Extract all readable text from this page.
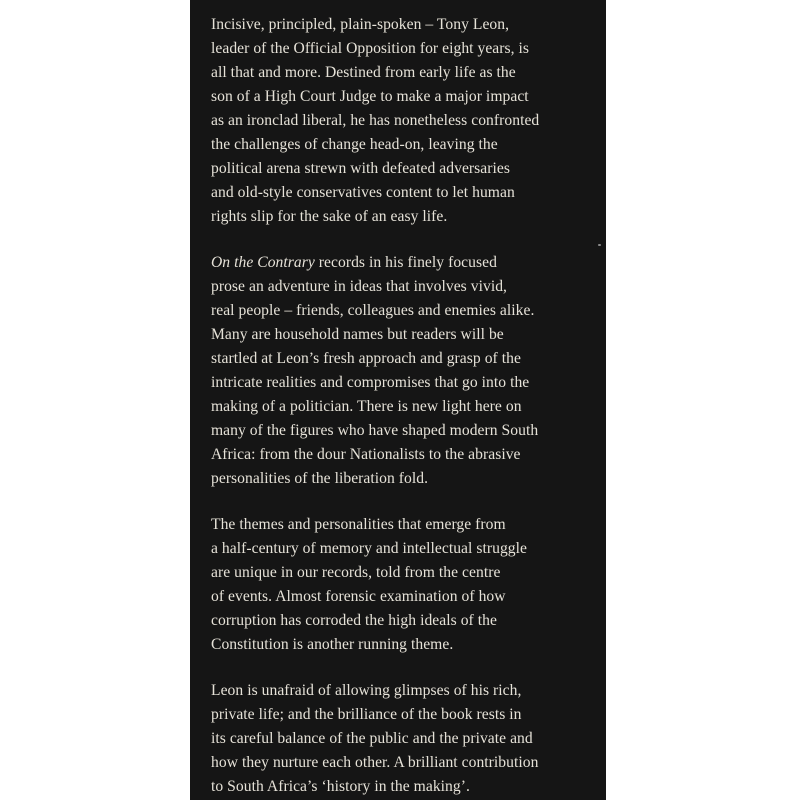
Incisive, principled, plain-spoken – Tony Leon,
leader of the Official Opposition for eight years, is
all that and more. Destined from early life as the
son of a High Court Judge to make a major impact
as an ironclad liberal, he has nonetheless confronted
the challenges of change head-on, leaving the
political arena strewn with defeated adversaries
and old-style conservatives content to let human
rights slip for the sake of an easy life.

On the Contrary records in his finely focused
prose an adventure in ideas that involves vivid,
real people – friends, colleagues and enemies alike.
Many are household names but readers will be
startled at Leon’s fresh approach and grasp of the
intricate realities and compromises that go into the
making of a politician. There is new light here on
many of the figures who have shaped modern South
Africa: from the dour Nationalists to the abrasive
personalities of the liberation fold.

The themes and personalities that emerge from
a half-century of memory and intellectual struggle
are unique in our records, told from the centre
of events. Almost forensic examination of how
corruption has corroded the high ideals of the
Constitution is another running theme.

Leon is unafraid of allowing glimpses of his rich,
private life; and the brilliance of the book rests in
its careful balance of the public and the private and
how they nurture each other. A brilliant contribution
to South Africa’s ‘history in the making’.
